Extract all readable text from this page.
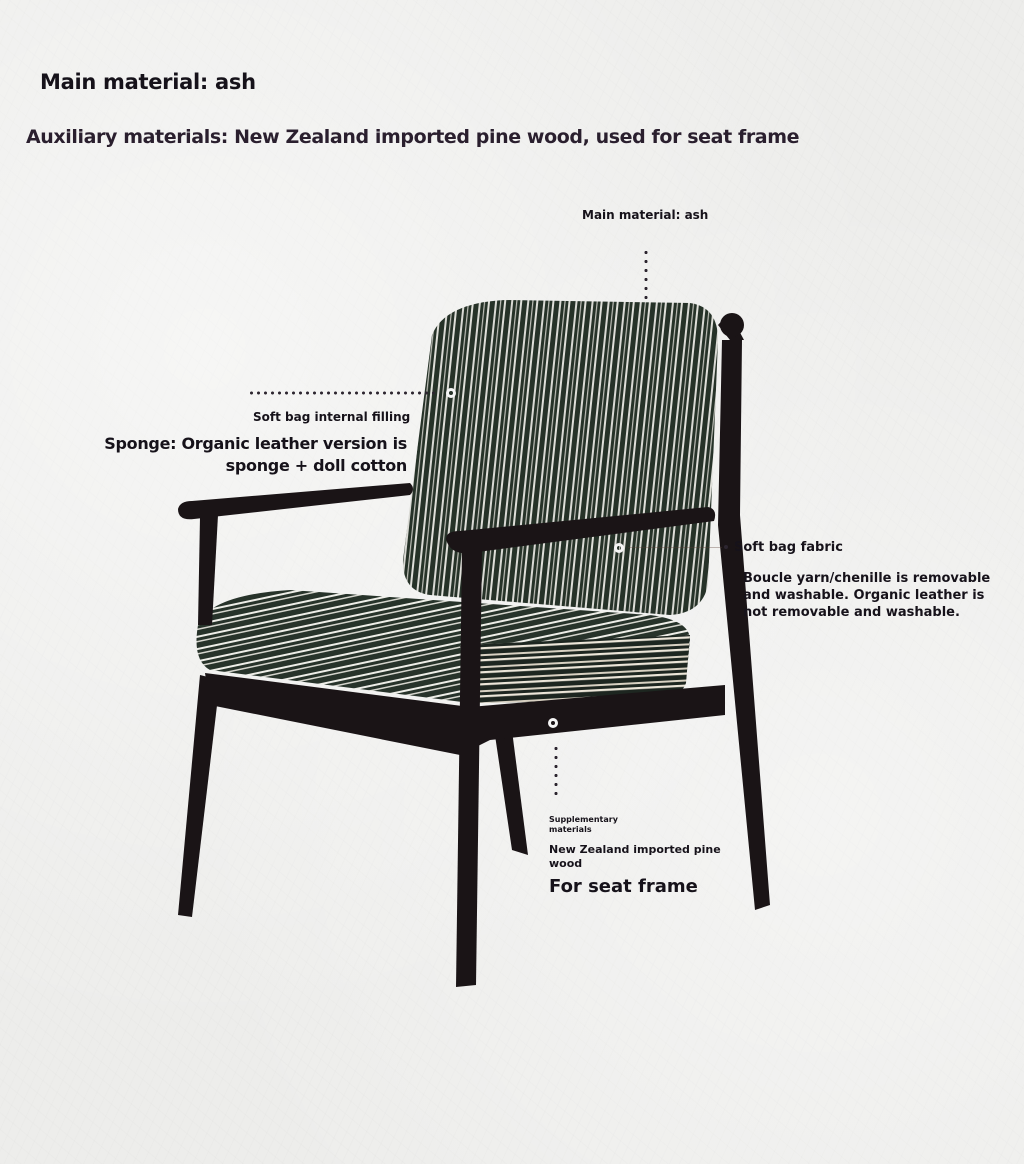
Main material: ash
Auxiliary materials: New Zealand imported pine wood, used for seat frame
Main material: ash
Soft bag internal filling
Sponge: Organic leather version is
sponge + doll cotton
Soft bag fabric
Boucle yarn/chenille is removable
and washable. Organic leather is
not removable and washable.
Supplementary
materials
New Zealand imported pine
wood
For seat frame
